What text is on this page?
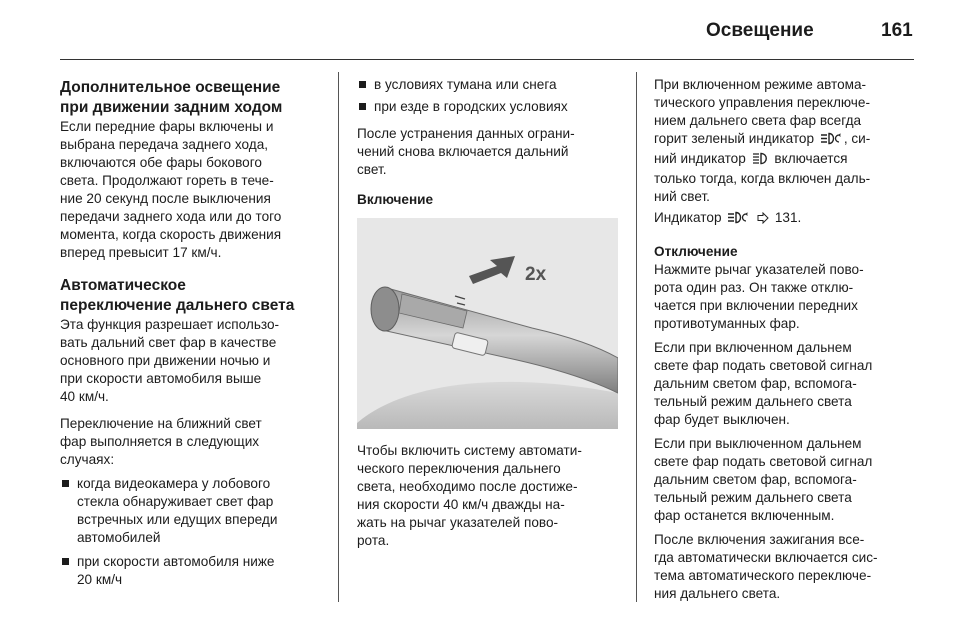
Освещение	161

Дополнительное освещение
при движении задним ходом

Если передние фары включены и
выбрана передача заднего хода,
включаются обе фары бокового
света. Продолжают гореть в тече-
ние 20 секунд после выключения
передачи заднего хода или до того
момента, когда скорость движения
вперед превысит 17 км/ч.

Автоматическое
переключение дальнего света

Эта функция разрешает использо-
вать дальний свет фар в качестве
основного при движении ночью и
при скорости автомобиля выше
40 км/ч.

Переключение на ближний свет
фар выполняется в следующих
случаях:

когда видеокамера у лобового
стекла обнаруживает свет фар
встречных или едущих впереди
автомобилей
при скорости автомобиля ниже
20 км/ч
в условиях тумана или снега
при езде в городских условиях

После устранения данных ограни-
чений снова включается дальний
свет.

Включение

2x

Чтобы включить систему автомати-
ческого переключения дальнего
света, необходимо после достиже-
ния скорости 40 км/ч дважды на-
жать на рычаг указателей пово-
рота.

При включенном режиме автома-
тического управления переключе-
нием дальнего света фар всегда
горит зеленый индикатор , си-
ний индикатор включается
только тогда, когда включен даль-
ний свет.

Индикатор	131.

Отключение

Нажмите рычаг указателей пово-
рота один раз. Он также отклю-
чается при включении передних
противотуманных фар.

Если при включенном дальнем
свете фар подать световой сигнал
дальним светом фар, вспомога-
тельный режим дальнего света
фар будет выключен.

Если при выключенном дальнем
свете фар подать световой сигнал
дальним светом фар, вспомога-
тельный режим дальнего света
фар останется включенным.

После включения зажигания все-
гда автоматически включается сис-
тема автоматического переключе-
ния дальнего света.
